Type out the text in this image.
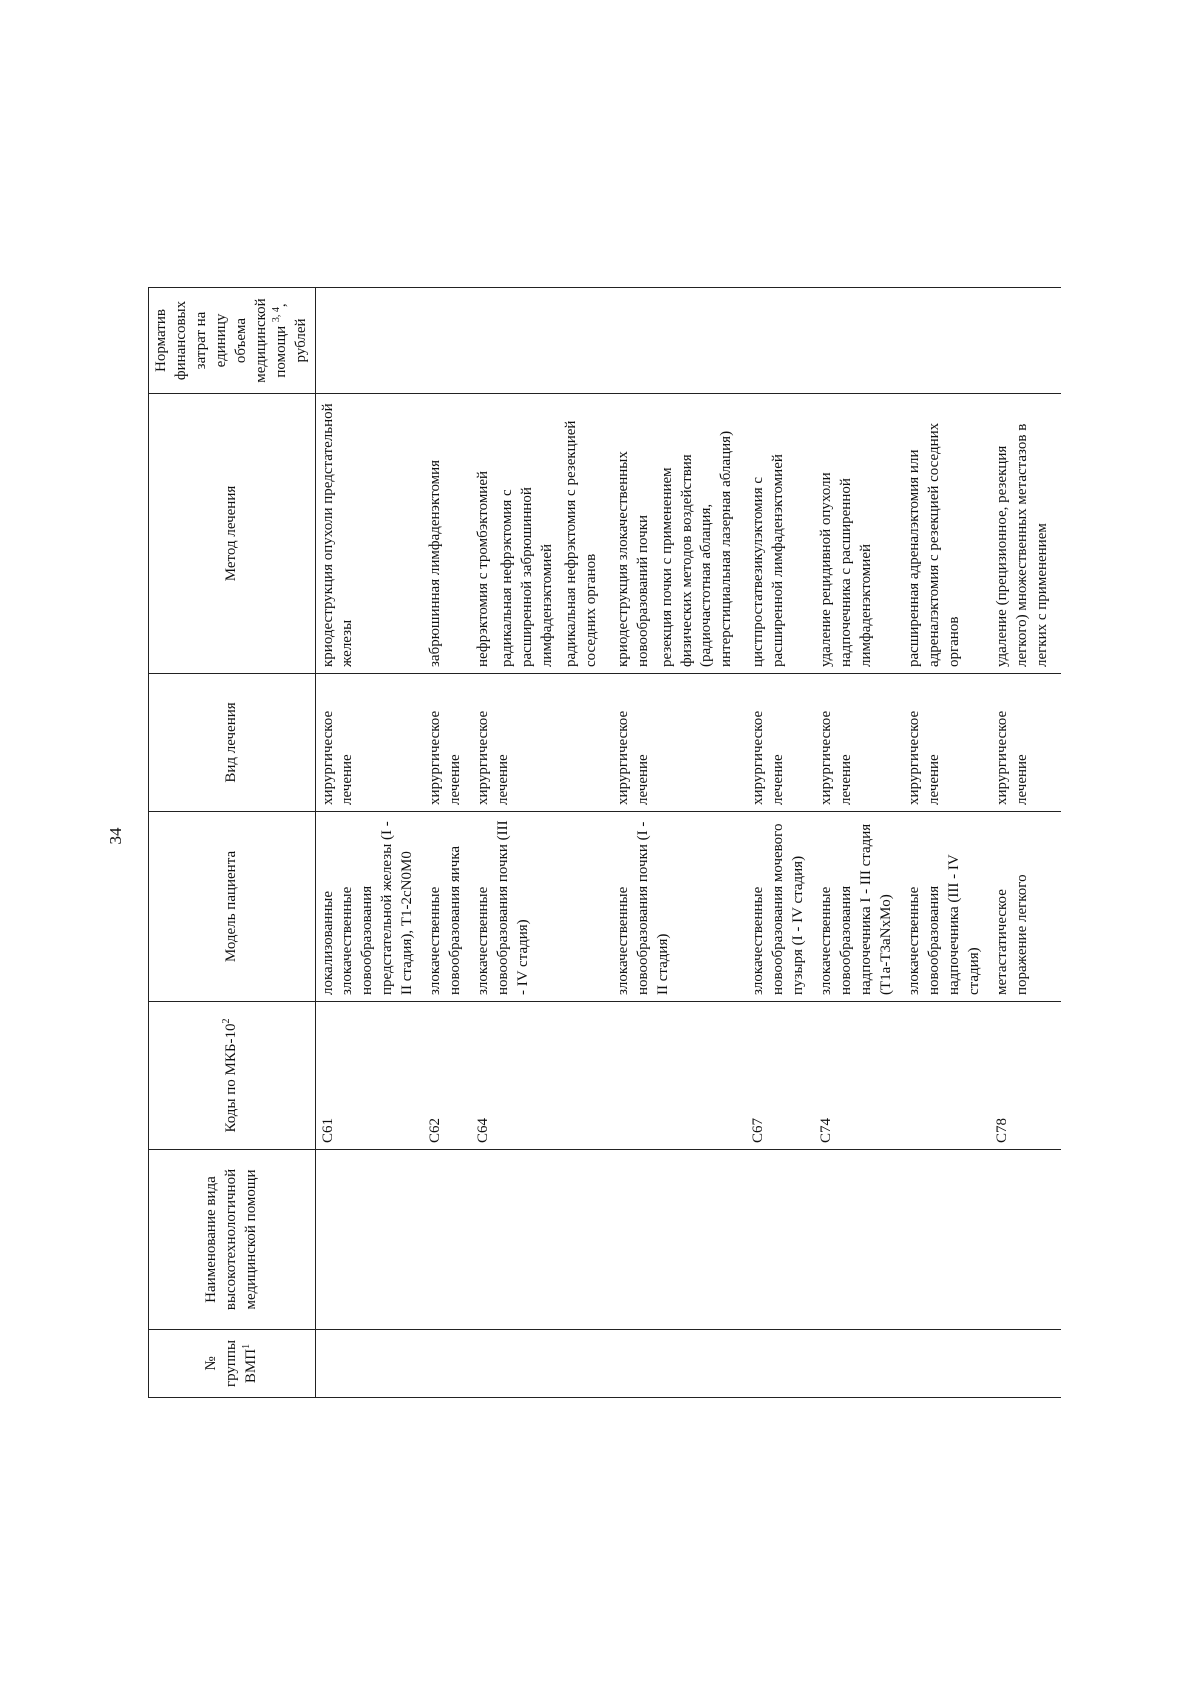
34
№ группы ВМП$^1$	Наименование вида высокотехнологичной медицинской помощи	Коды по МКБ-$10^2$	Модель пациента	Вид лечения	Метод лечения	Норматив финансовых затрат на единицу объема медицинской помощи $^{3, 4}$, рублей	
		C61	локализованные злокачественные новообразования предстательной железы (I - II стадия), T1-2cN0M0	хирургическое лечение	криодеструкция опухоли предстательной железы		

		C62	злокачественные новообразования яичка	хирургическое лечение	забрюшинная лимфаденэктомия		

		C64	злокачественные новообразования почки (III - IV стадия)	хирургическое лечение	нефрэктомия с тромбэктомией радикальная нефрэктомия с расширенной забрюшинной лимфаденэктомией радикальная нефрэктомия с резекцией соседних органов		

			злокачественные новообразования почки (I - II стадия)	хирургическое лечение	криодеструкция злокачественных новообразований почки резекция почки с применением физических методов воздействия (радиочастотная аблация, интерстициальная лазерная аблация)		

		C67	злокачественные новообразования мочевого пузыря (I - IV стадия)	хирургическое лечение	цистпростатвезикулэктомия с расширенной лимфаденэктомией		

		C74	злокачественные новообразования надпочечника I - III стадия (T1a-T3aNxMo)	хирургическое лечение	удаление рецидивной опухоли надпочечника с расширенной лимфаденэктомией		

			злокачественные новообразования надпочечника (III - IV стадия)	хирургическое лечение	расширенная адреналэктомия или адреналэктомия с резекцией соседних органов		

		C78	метастатическое поражение легкого	хирургическое лечение	удаление (прецизионное, резекция легкого) множественных метастазов в легких с применением		
